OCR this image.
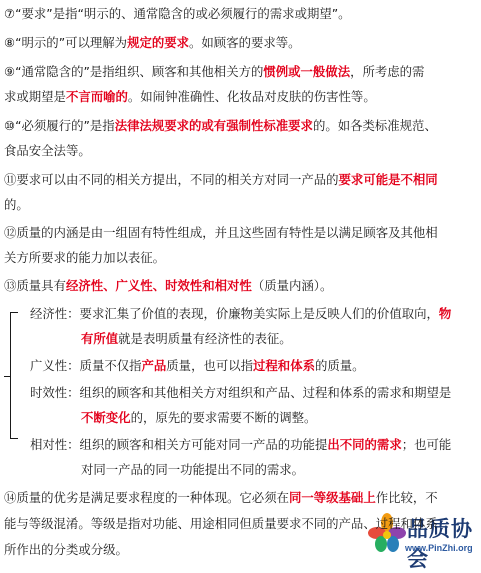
品质协会
www.PinZhi.org
⑦“要求”是指“明示的、通常隐含的或必须履行的需求或期望”。
⑧“明示的”可以理解为规定的要求。如顾客的要求等。
⑨“通常隐含的”是指组织、顾客和其他相关方的惯例或一般做法，所考虑的需
求或期望是不言而喻的。如闹钟准确性、化妆品对皮肤的伤害性等。
⑩“必须履行的”是指法律法规要求的或有强制性标准要求的。如各类标准规范、
食品安全法等。
⑪要求可以由不同的相关方提出，不同的相关方对同一产品的要求可能是不相同
的。
⑫质量的内涵是由一组固有特性组成，并且这些固有特性是以满足顾客及其他相
关方所要求的能力加以表征。
⑬质量具有经济性、广义性、时效性和相对性（质量内涵）。
经济性：要求汇集了价值的表现，价廉物美实际上是反映人们的价值取向，物
有所值就是表明质量有经济性的表征。
广义性：质量不仅指产品质量，也可以指过程和体系的质量。
时效性：组织的顾客和其他相关方对组织和产品、过程和体系的需求和期望是
不断变化的，原先的要求需要不断的调整。
相对性：组织的顾客和相关方可能对同一产品的功能提出不同的需求；也可能
对同一产品的同一功能提出不同的需求。
⑭质量的优劣是满足要求程度的一种体现。它必须在同一等级基础上作比较，不
能与等级混淆。等级是指对功能、用途相同但质量要求不同的产品、过程和体系
所作出的分类或分级。
